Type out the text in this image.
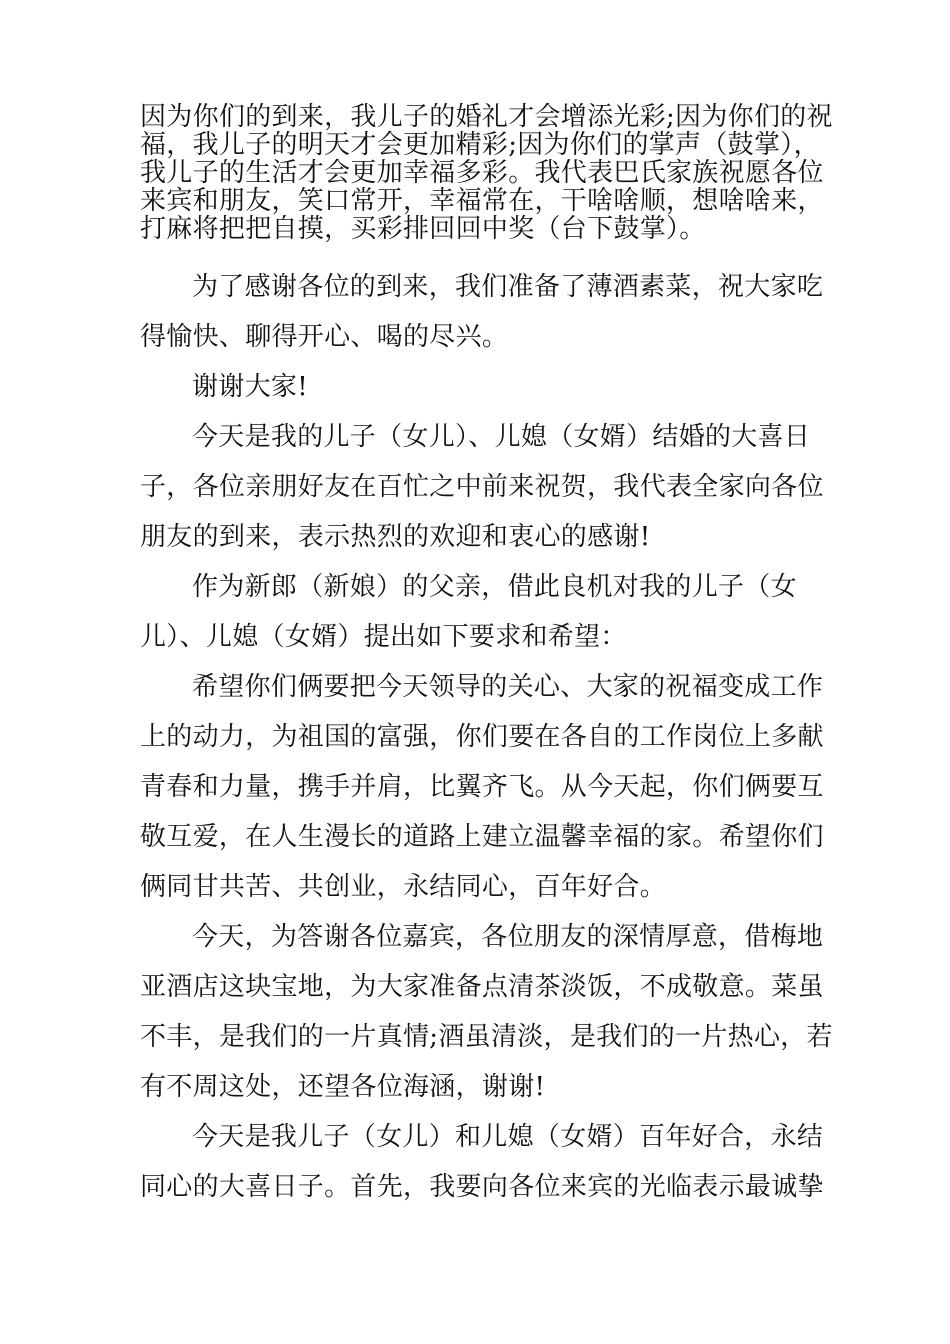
因为你们的到来，我儿子的婚礼才会增添光彩;因为你们的祝
福，我儿子的明天才会更加精彩;因为你们的掌声（鼓掌），
我儿子的生活才会更加幸福多彩。我代表巴氏家族祝愿各位
来宾和朋友，笑口常开，幸福常在，干啥啥顺，想啥啥来，
打麻将把把自摸，买彩排回回中奖（台下鼓掌）。
为了感谢各位的到来，我们准备了薄酒素菜，祝大家吃
得愉快、聊得开心、喝的尽兴。
谢谢大家!
今天是我的儿子（女儿）、儿媳（女婿）结婚的大喜日
子，各位亲朋好友在百忙之中前来祝贺，我代表全家向各位
朋友的到来，表示热烈的欢迎和衷心的感谢!
作为新郎（新娘）的父亲，借此良机对我的儿子（女
儿）、儿媳（女婿）提出如下要求和希望：
希望你们俩要把今天领导的关心、大家的祝福变成工作
上的动力，为祖国的富强，你们要在各自的工作岗位上多献
青春和力量，携手并肩，比翼齐飞。从今天起，你们俩要互
敬互爱，在人生漫长的道路上建立温馨幸福的家。希望你们
俩同甘共苦、共创业，永结同心，百年好合。
今天，为答谢各位嘉宾，各位朋友的深情厚意，借梅地
亚酒店这块宝地，为大家准备点清茶淡饭，不成敬意。菜虽
不丰，是我们的一片真情;酒虽清淡，是我们的一片热心，若
有不周这处，还望各位海涵，谢谢!
今天是我儿子（女儿）和儿媳（女婿）百年好合，永结
同心的大喜日子。首先，我要向各位来宾的光临表示最诚挚
